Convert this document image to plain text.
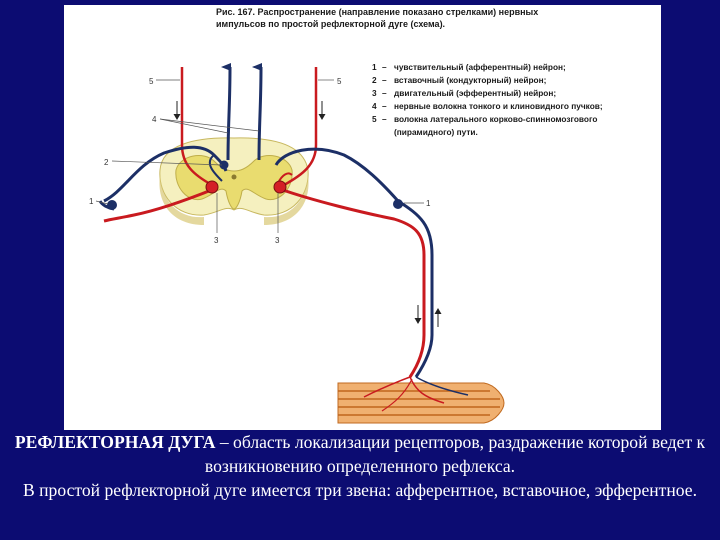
Рис. 167. Распространение (направление показано стрелками) нервных
импульсов по простой рефлекторной дуге (схема).
1 – чувствительный (афферентный) нейрон;
2 – вставочный (кондукторный) нейрон;
3 – двигательный (эфферентный) нейрон;
4 – нервные волокна тонкого и клиновидного пучков;
5 – волокна латерального корково-спинномозгового
(пирамидного) пути.
5	5
4
2
1	1
3	3

РЕФЛЕКТОРНАЯ ДУГА – область локализации рецепторов, раздражение которой ведет к возникновению определенного рефлекса.

В простой рефлекторной дуге имеется три звена: афферентное, вставочное, эфферентное.
